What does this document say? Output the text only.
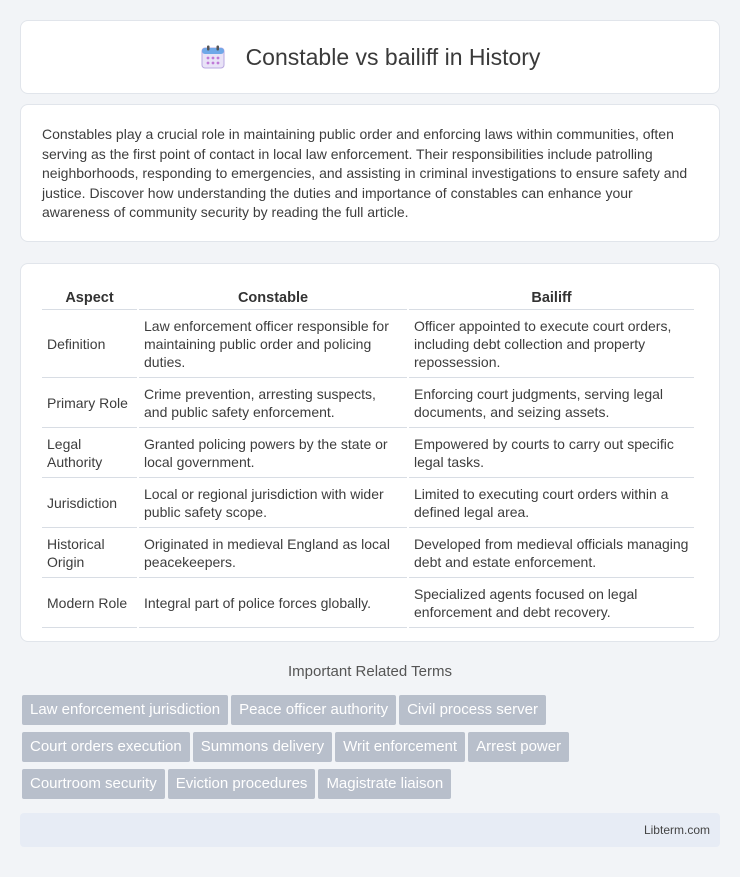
Constable vs bailiff in History

Constables play a crucial role in maintaining public order and enforcing laws within communities, often serving as the first point of contact in local law enforcement. Their responsibilities include patrolling neighborhoods, responding to emergencies, and assisting in criminal investigations to ensure safety and justice. Discover how understanding the duties and importance of constables can enhance your awareness of community security by reading the full article.

Aspect	Constable	Bailiff
Definition	Law enforcement officer responsible for maintaining public order and policing duties.	Officer appointed to execute court orders, including debt collection and property repossession.
Primary Role	Crime prevention, arresting suspects, and public safety enforcement.	Enforcing court judgments, serving legal documents, and seizing assets.
Legal Authority	Granted policing powers by the state or local government.	Empowered by courts to carry out specific legal tasks.
Jurisdiction	Local or regional jurisdiction with wider public safety scope.	Limited to executing court orders within a defined legal area.
Historical Origin	Originated in medieval England as local peacekeepers.	Developed from medieval officials managing debt and estate enforcement.
Modern Role	Integral part of police forces globally.	Specialized agents focused on legal enforcement and debt recovery.
Important Related Terms
Law enforcement jurisdiction Peace officer authority Civil process server
Court orders execution Summons delivery Writ enforcement Arrest power
Courtroom security Eviction procedures Magistrate liaison
Libterm.com
